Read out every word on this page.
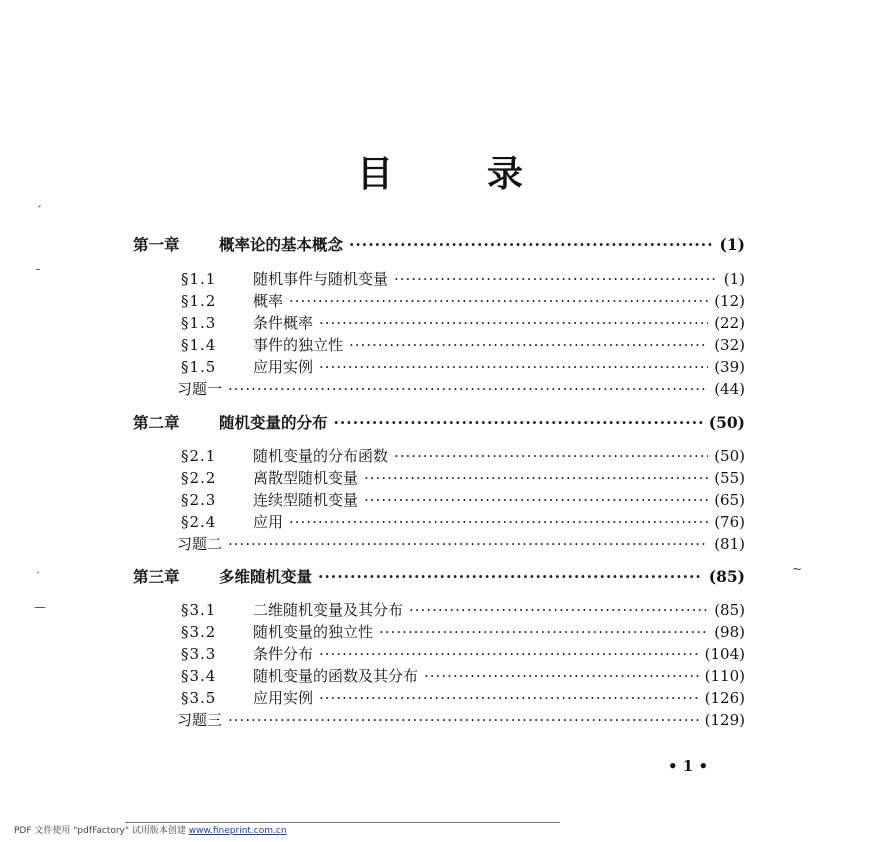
目	录
第一章	概率论的基本概念 ·····	(1)
§1.1	随机事件与随机变量 ·····	(1)
§1.2	概率 ·····	(12)
§1.3	条件概率 ·····	(22)
§1.4	事件的独立性 ·····	(32)
§1.5	应用实例 ·····	(39)
习题一 ·····	(44)
第二章	随机变量的分布 ·····	(50)
§2.1	随机变量的分布函数 ·····	(50)
§2.2	离散型随机变量 ·····	(55)
§2.3	连续型随机变量 ·····	(65)
§2.4	应用 ·····	(76)
习题二 ·····	(81)
第三章	多维随机变量 ·····	(85)
§3.1	二维随机变量及其分布 ·····	(85)
§3.2	随机变量的独立性 ·····	(98)
§3.3	条件分布 ·····	(104)
§3.4	随机变量的函数及其分布 ·····	(110)
§3.5	应用实例 ·····	(126)
习题三 ·····	(129)
• 1 •
PDF 文件使用 "pdfFactory" 试用版本创建 www.fineprint.com.cn
ˊ
-
ˑ
—
~
